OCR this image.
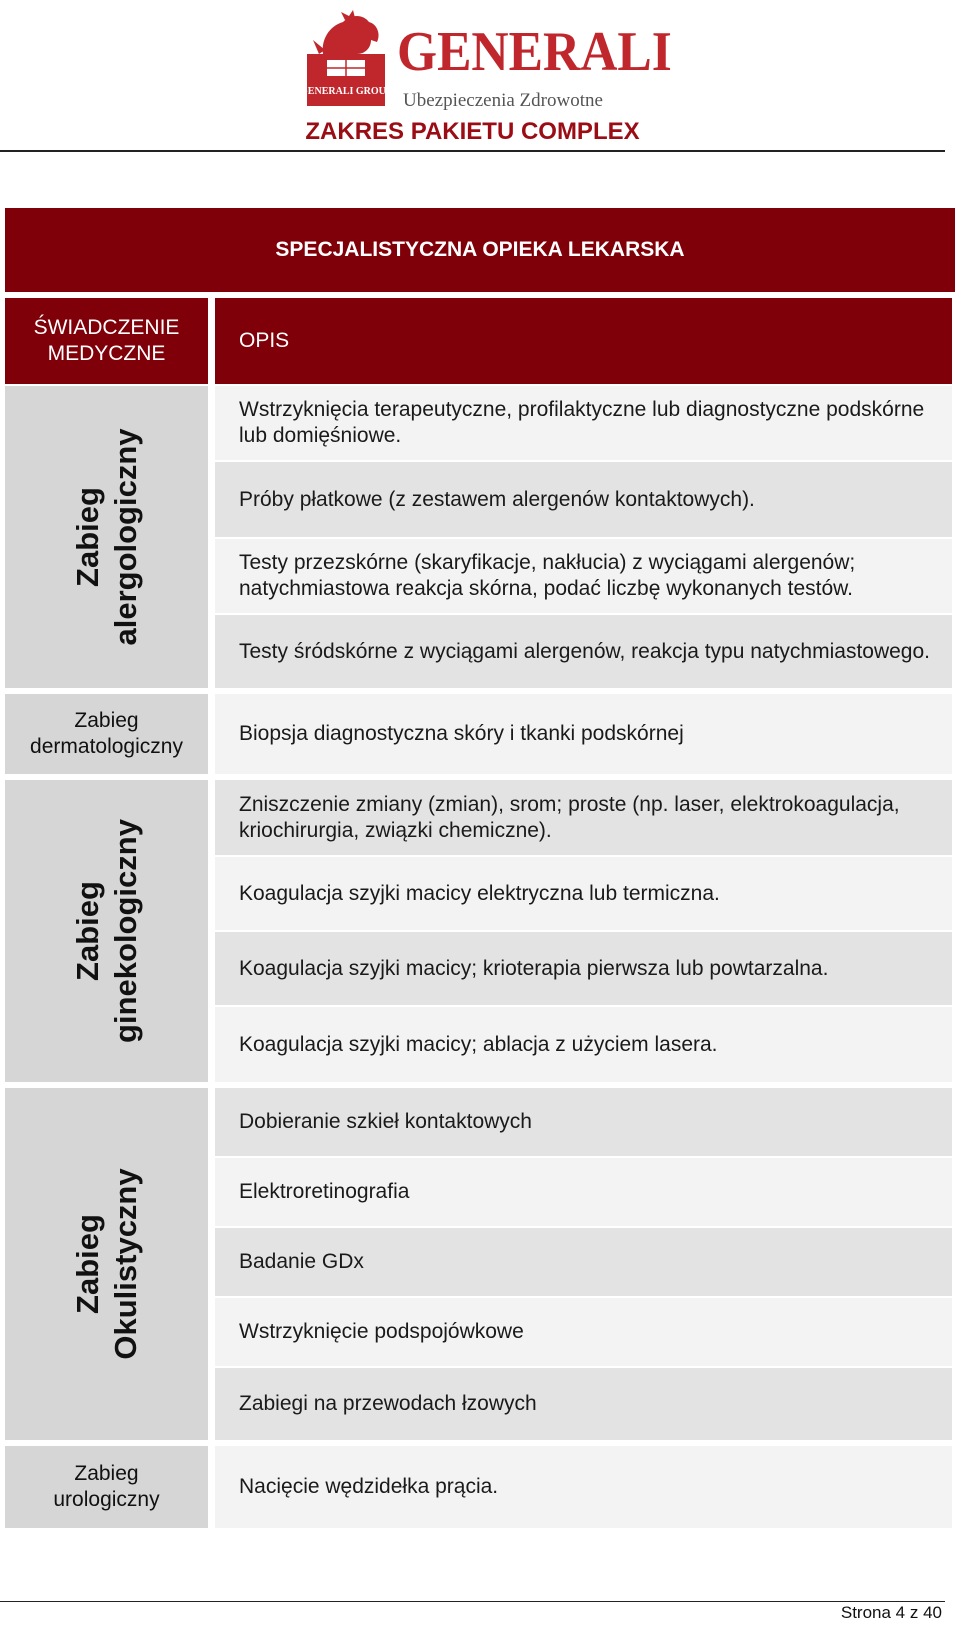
GENERALI GROUP
GENERALI
Ubezpieczenia Zdrowotne
ZAKRES PAKIETU COMPLEX
SPECJALISTYCZNA OPIEKA LEKARSKA
ŚWIADCZENIE MEDYCZNE
OPIS
Zabieg
alergologiczny
Wstrzyknięcia terapeutyczne, profilaktyczne lub diagnostyczne podskórne lub domięśniowe.
Próby płatkowe (z zestawem alergenów kontaktowych).
Testy przezskórne (skaryfikacje, nakłucia) z wyciągami alergenów; natychmiastowa reakcja skórna, podać liczbę wykonanych testów.
Testy śródskórne z wyciągami alergenów, reakcja typu natychmiastowego.
Zabieg
dermatologiczny
Biopsja diagnostyczna skóry i tkanki podskórnej
Zabieg
ginekologiczny
Zniszczenie zmiany (zmian), srom; proste (np. laser, elektrokoagulacja, kriochirurgia, związki chemiczne).
Koagulacja szyjki macicy elektryczna lub termiczna.
Koagulacja szyjki macicy; krioterapia pierwsza lub powtarzalna.
Koagulacja szyjki macicy; ablacja z użyciem lasera.
Zabieg
Okulistyczny
Dobieranie szkieł kontaktowych
Elektroretinografia
Badanie GDx
Wstrzyknięcie podspojówkowe
Zabiegi na przewodach łzowych
Zabieg
urologiczny
Nacięcie wędzidełka prącia.
Strona 4 z 40
